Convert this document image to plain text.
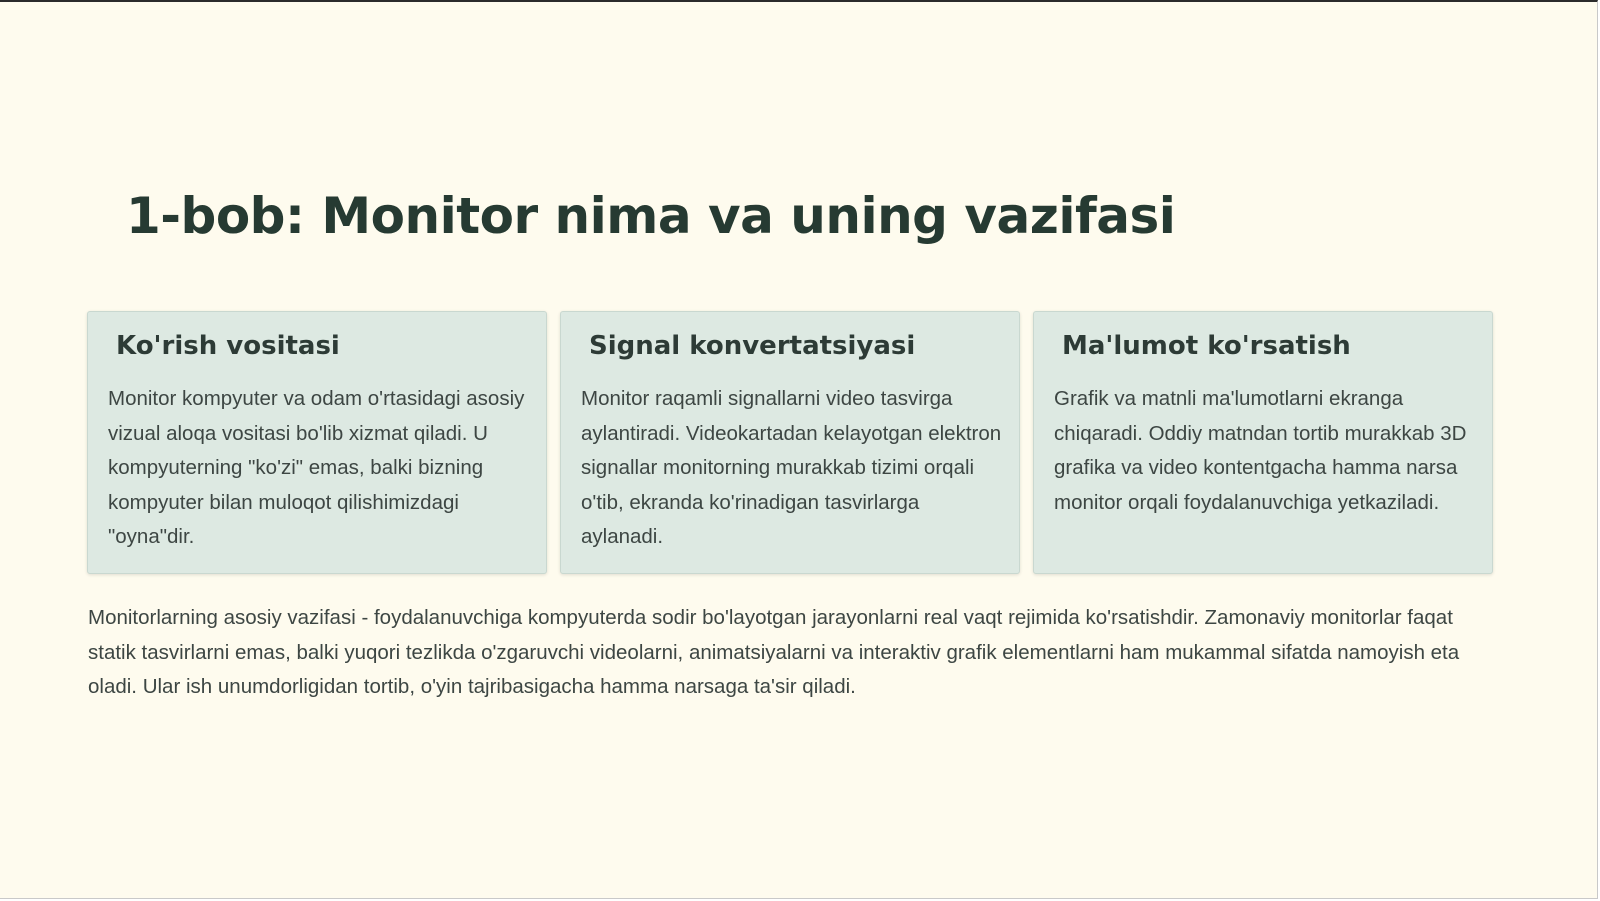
1-bob: Monitor nima va uning vazifasi
Ko'rish vositasi

Monitor kompyuter va odam o'rtasidagi asosiy vizual aloqa vositasi bo'lib xizmat qiladi. U kompyuterning "ko'zi" emas, balki bizning kompyuter bilan muloqot qilishimizdagi "oyna"dir.

Signal konvertatsiyasi

Monitor raqamli signallarni video tasvirga aylantiradi. Videokartadan kelayotgan elektron signallar monitorning murakkab tizimi orqali o'tib, ekranda ko'rinadigan tasvirlarga aylanadi.

Ma'lumot ko'rsatish

Grafik va matnli ma'lumotlarni ekranga chiqaradi. Oddiy matndan tortib murakkab 3D grafika va video kontentgacha hamma narsa monitor orqali foydalanuvchiga yetkaziladi.

Monitorlarning asosiy vazifasi - foydalanuvchiga kompyuterda sodir bo'layotgan jarayonlarni real vaqt rejimida ko'rsatishdir. Zamonaviy monitorlar faqat statik tasvirlarni emas, balki yuqori tezlikda o'zgaruvchi videolarni, animatsiyalarni va interaktiv grafik elementlarni ham mukammal sifatda namoyish eta oladi. Ular ish unumdorligidan tortib, o'yin tajribasigacha hamma narsaga ta'sir qiladi.
